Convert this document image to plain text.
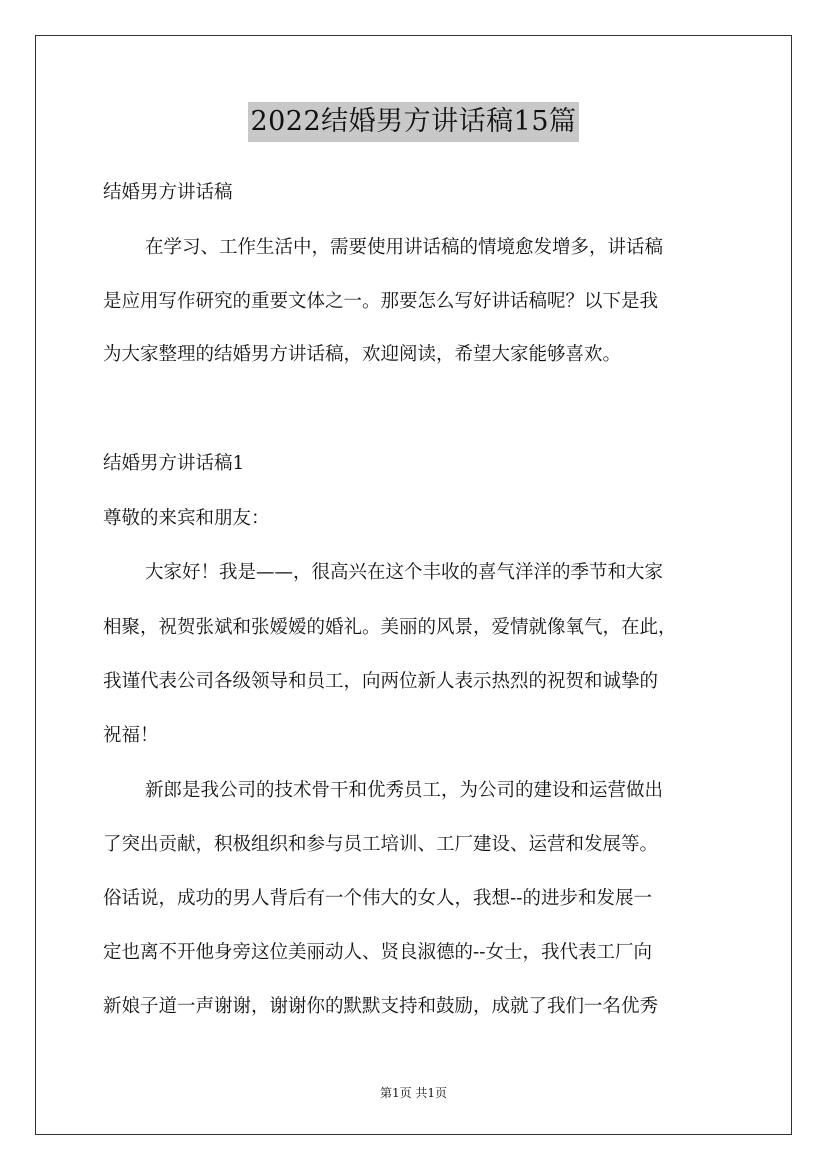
2022结婚男方讲话稿15篇
结婚男方讲话稿
在学习、工作生活中，需要使用讲话稿的情境愈发增多，讲话稿
是应用写作研究的重要文体之一。那要怎么写好讲话稿呢？以下是我
为大家整理的结婚男方讲话稿，欢迎阅读，希望大家能够喜欢。
结婚男方讲话稿1
尊敬的来宾和朋友：
大家好！我是——，很高兴在这个丰收的喜气洋洋的季节和大家
相聚，祝贺张斌和张嫒嫒的婚礼。美丽的风景，爱情就像氧气，在此，
我谨代表公司各级领导和员工，向两位新人表示热烈的祝贺和诚挚的
祝福！
新郎是我公司的技术骨干和优秀员工，为公司的建设和运营做出
了突出贡献，积极组织和参与员工培训、工厂建设、运营和发展等。
俗话说，成功的男人背后有一个伟大的女人，我想--的进步和发展一
定也离不开他身旁这位美丽动人、贤良淑德的--女士，我代表工厂向
新娘子道一声谢谢，谢谢你的默默支持和鼓励，成就了我们一名优秀
第1页 共1页
